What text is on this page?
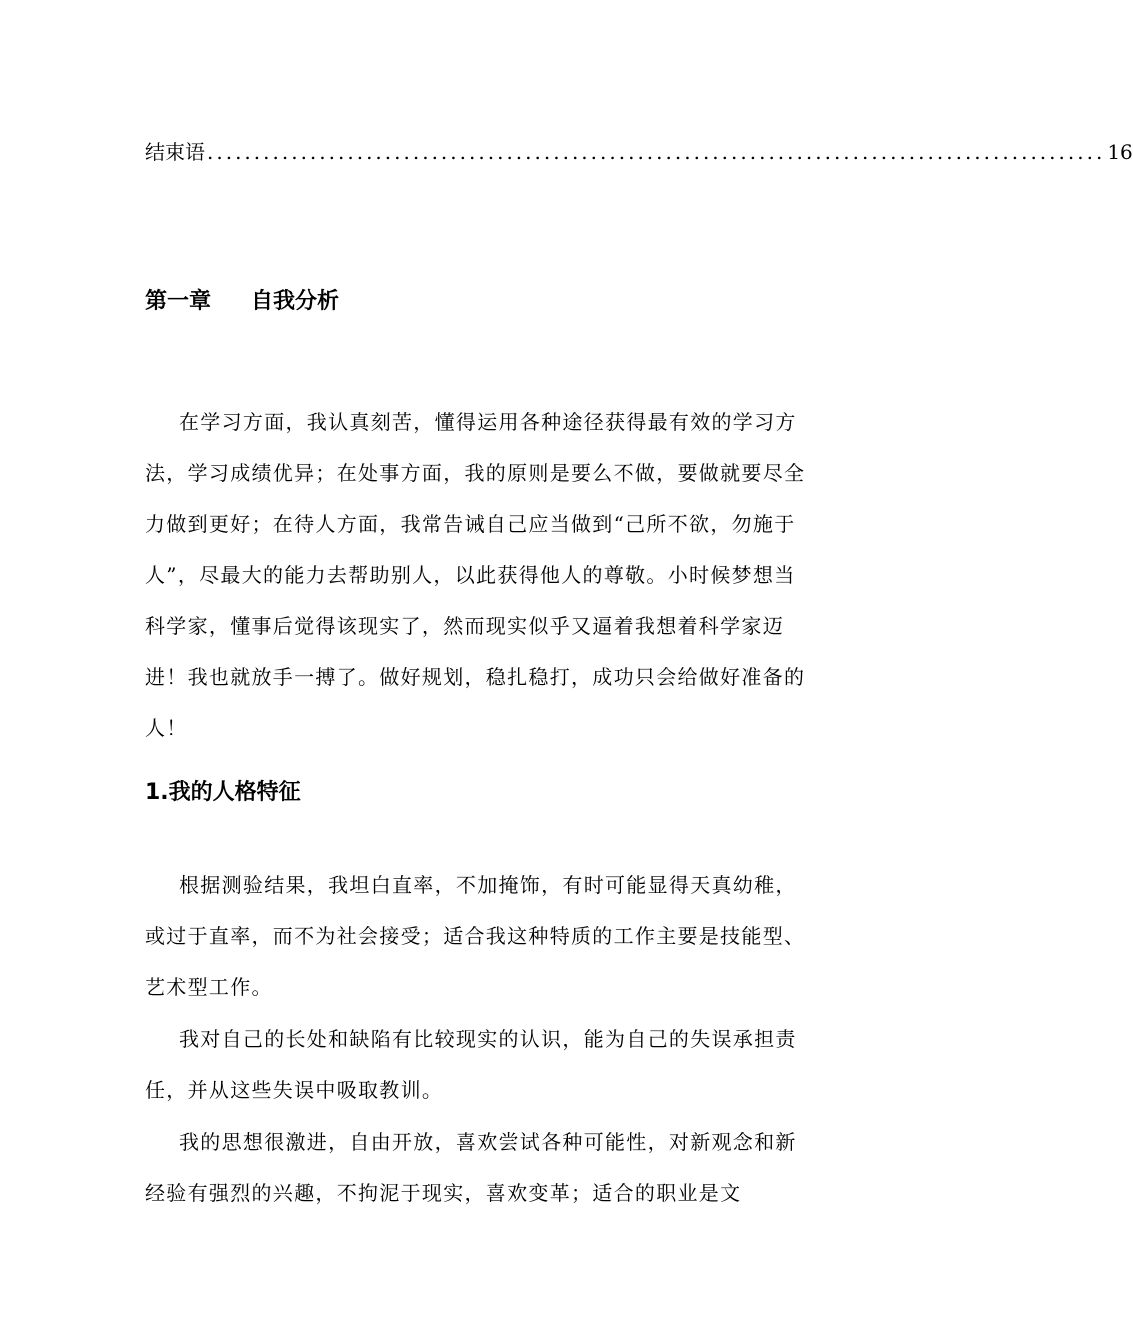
结束语 ................................................................................................ 16
第一章 自我分析

在学习方面，我认真刻苦，懂得运用各种途径获得最有效的学习方法，学习成绩优异；在处事方面，我的原则是要么不做，要做就要尽全力做到更好；在待人方面，我常告诫自己应当做到“己所不欲，勿施于人”，尽最大的能力去帮助别人，以此获得他人的尊敬。小时候梦想当科学家，懂事后觉得该现实了，然而现实似乎又逼着我想着科学家迈进！我也就放手一搏了。做好规划，稳扎稳打，成功只会给做好准备的人！

1.我的人格特征

根据测验结果，我坦白直率，不加掩饰，有时可能显得天真幼稚，或过于直率，而不为社会接受；适合我这种特质的工作主要是技能型、艺术型工作。

我对自己的长处和缺陷有比较现实的认识，能为自己的失误承担责任，并从这些失误中吸取教训。

我的思想很激进，自由开放，喜欢尝试各种可能性，对新观念和新经验有强烈的兴趣，不拘泥于现实，喜欢变革；适合的职业是文
